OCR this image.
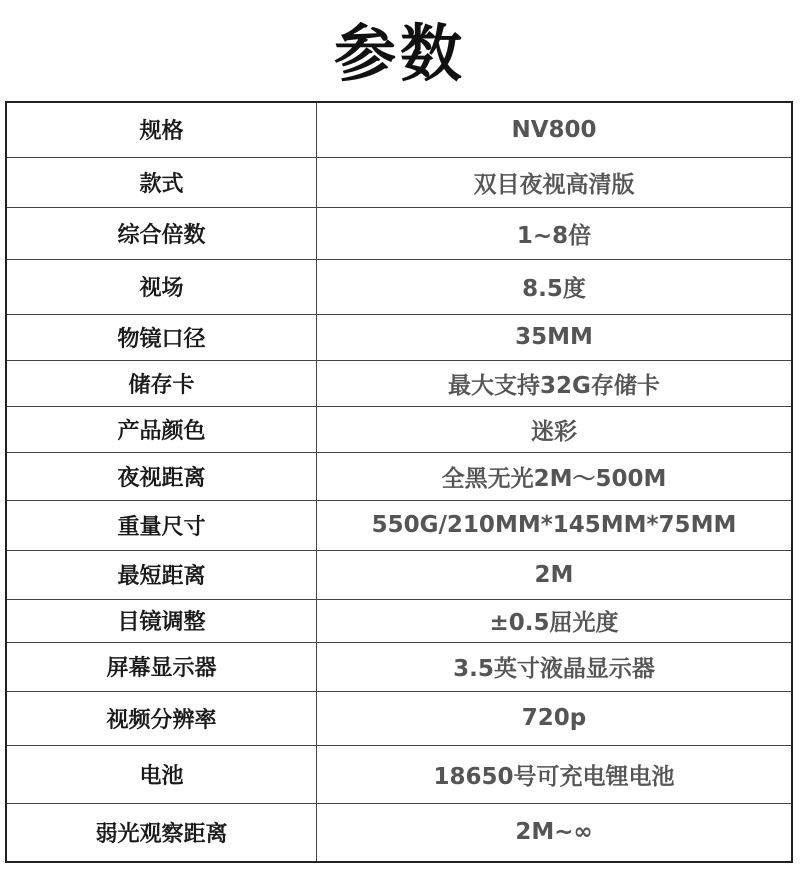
参数
规格	NV800
款式	双目夜视高清版
综合倍数	1~8倍
视场	8.5度
物镜口径	35MM
储存卡	最大支持32G存储卡
产品颜色	迷彩
夜视距离	全黑无光2M～500M
重量尺寸	550G/210MM*145MM*75MM
最短距离	2M
目镜调整	±0.5屈光度
屏幕显示器	3.5英寸液晶显示器
视频分辨率	720p
电池	18650号可充电锂电池
弱光观察距离	2M~∞
